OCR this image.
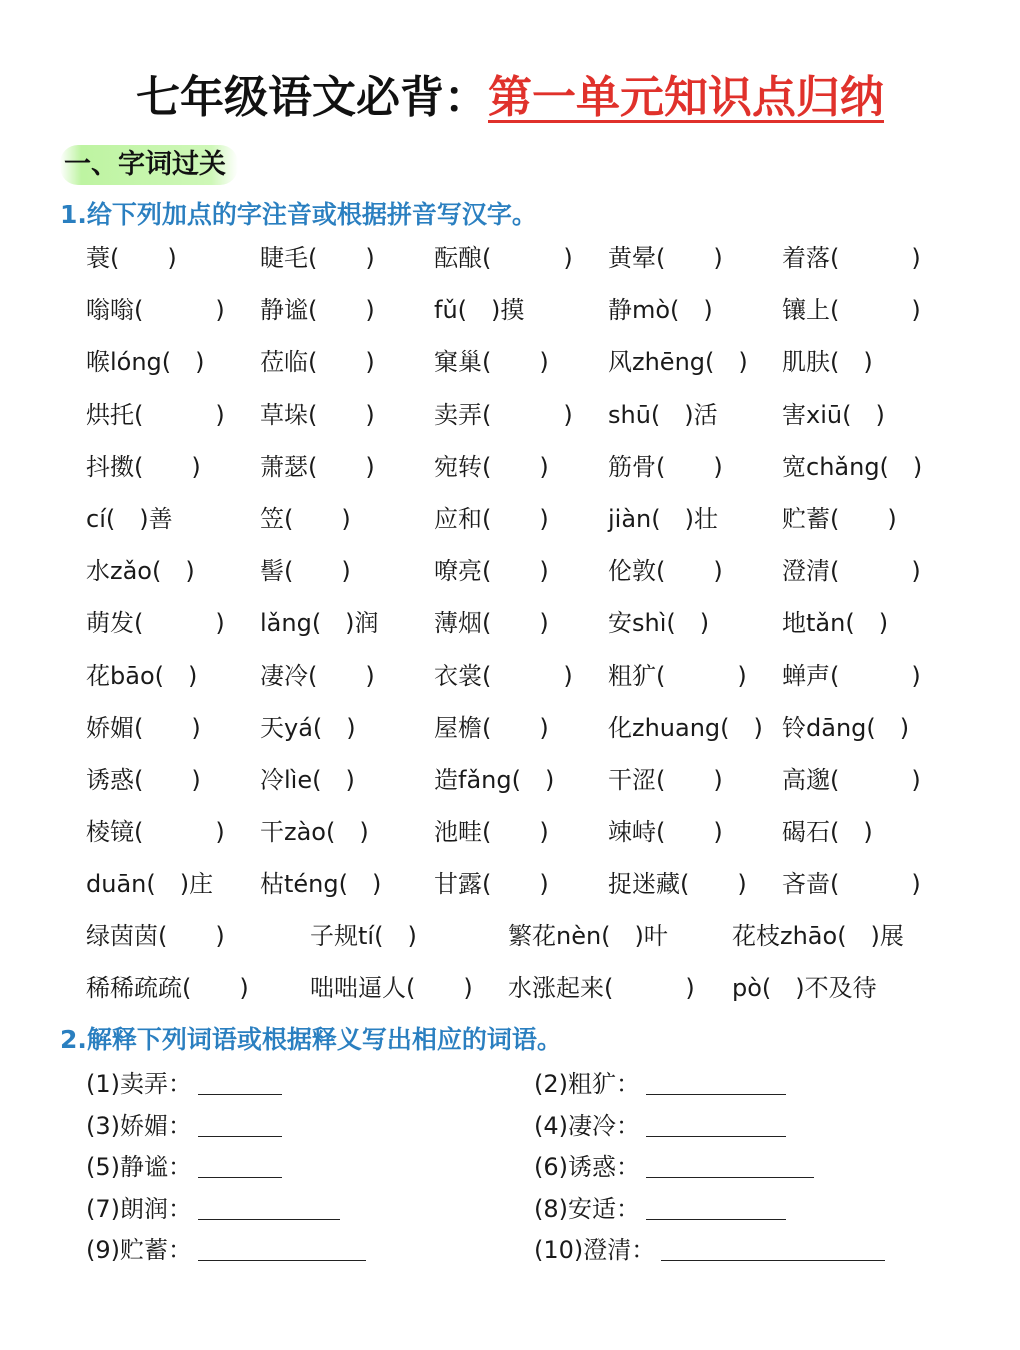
七年级语文必背：第一单元知识点归纳
一、字词过关
1.给下列加点的字注音或根据拼音写汉字。
蓑(　　)	睫毛(　　)	酝酿(　　　)	黄晕(　　)	着落(　　　)
嗡嗡(　　　)	静谧(　　)	fǔ(　)摸	静mò(　)	镶上(　　　)
喉lóng(　)	莅临(　　)	窠巢(　　)	风zhēng(　)	肌肤(　)
烘托(　　　)	草垛(　　)	卖弄(　　　)	shū(　)活	害xiū(　)
抖擞(　　)	萧瑟(　　)	宛转(　　)	筋骨(　　)	宽chǎng(　)
cí(　)善	笠(　　)	应和(　　)	jiàn(　)壮	贮蓄(　　)
水zǎo(　)	髻(　　)	嘹亮(　　)	伦敦(　　)	澄清(　　　)
萌发(　　　)	lǎng(　)润	薄烟(　　)	安shì(　)	地tǎn(　)
花bāo(　)	凄冷(　　)	衣裳(　　　)	粗犷(　　　)	蝉声(　　　)
娇媚(　　)	天yá(　)	屋檐(　　)	化zhuang(　) 铃dāng(　)
诱惑(　　)	冷lìe(　)	造fǎng(　)	干涩(　　)	高邈(　　　)
棱镜(　　　)	干zào(　)	池畦(　　)	竦峙(　　)	碣石(　)
duān(　)庄	枯téng(　)	甘露(　　)	捉迷藏(　　)	吝啬(　　　)
绿茵茵(　　)	子规tí(　)	繁花nèn(　)叶	花枝zhāo(　)展
稀稀疏疏(　　)	咄咄逼人(　　)	水涨起来(　　　)	pò(　)不及待
2.解释下列词语或根据释义写出相应的词语。
(1)卖弄：	(2)粗犷：
(3)娇媚：	(4)凄冷：
(5)静谧：	(6)诱惑：
(7)朗润：	(8)安适：
(9)贮蓄：	(10)澄清：
